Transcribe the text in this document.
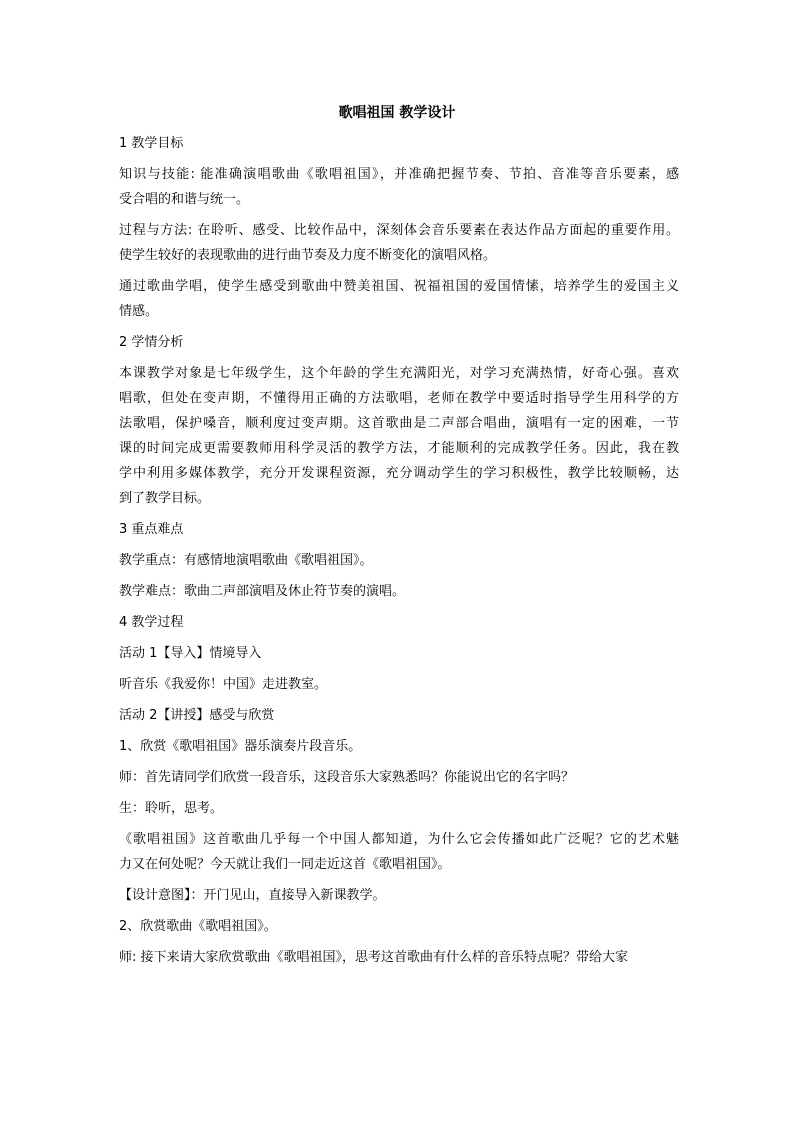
歌唱祖国 教学设计
1 教学目标
知识与技能: 能准确演唱歌曲《歌唱祖国》，并准确把握节奏、节拍、音准等音乐要素，感
受合唱的和谐与统一。
过程与方法: 在聆听、感受、比较作品中，深刻体会音乐要素在表达作品方面起的重要作用。
使学生较好的表现歌曲的进行曲节奏及力度不断变化的演唱风格。
通过歌曲学唱，使学生感受到歌曲中赞美祖国、祝福祖国的爱国情愫，培养学生的爱国主义
情感。
2 学情分析
本课教学对象是七年级学生，这个年龄的学生充满阳光，对学习充满热情，好奇心强。喜欢
唱歌，但处在变声期，不懂得用正确的方法歌唱，老师在教学中要适时指导学生用科学的方
法歌唱，保护嗓音，顺利度过变声期。这首歌曲是二声部合唱曲，演唱有一定的困难，一节
课的时间完成更需要教师用科学灵活的教学方法，才能顺利的完成教学任务。因此，我在教
学中利用多媒体教学，充分开发课程资源，充分调动学生的学习积极性，教学比较顺畅，达
到了教学目标。
3 重点难点
教学重点：有感情地演唱歌曲《歌唱祖国》。
教学难点：歌曲二声部演唱及休止符节奏的演唱。
4 教学过程
活动 1【导入】情境导入
听音乐《我爱你！中国》走进教室。
活动 2【讲授】感受与欣赏
1、欣赏《歌唱祖国》器乐演奏片段音乐。
师：首先请同学们欣赏一段音乐，这段音乐大家熟悉吗？你能说出它的名字吗？
生：聆听，思考。
《歌唱祖国》这首歌曲几乎每一个中国人都知道，为什么它会传播如此广泛呢？它的艺术魅
力又在何处呢？今天就让我们一同走近这首《歌唱祖国》。
【设计意图】：开门见山，直接导入新课教学。
2、欣赏歌曲《歌唱祖国》。
师: 接下来请大家欣赏歌曲《歌唱祖国》，思考这首歌曲有什么样的音乐特点呢？带给大家
